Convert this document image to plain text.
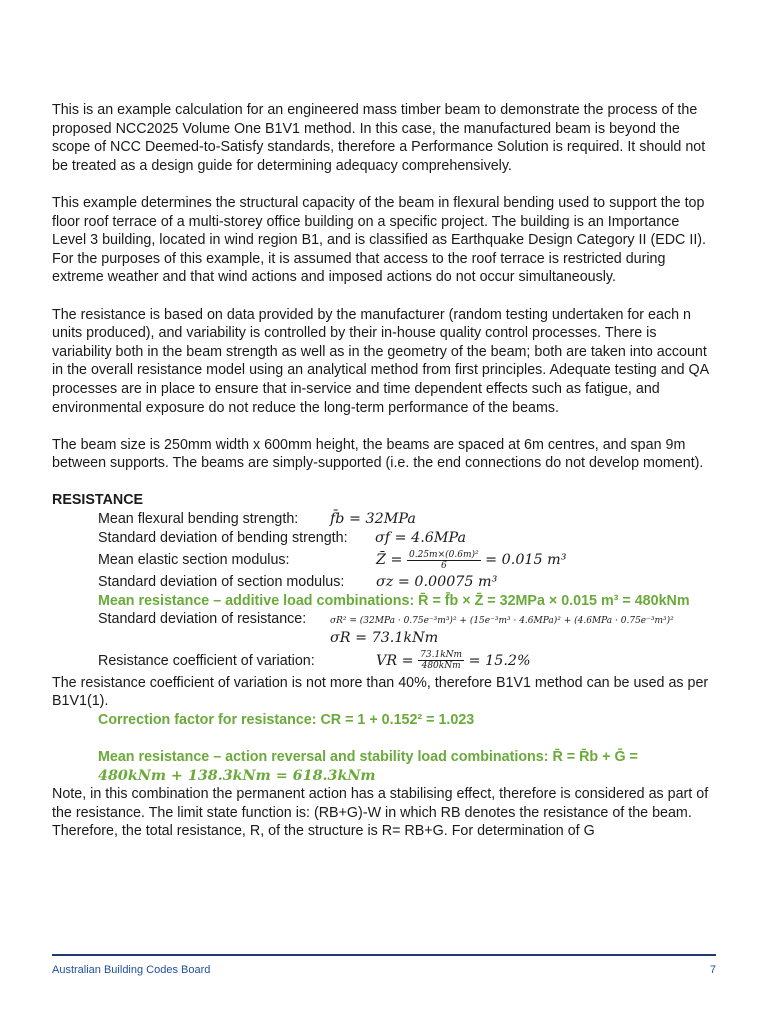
This is an example calculation for an engineered mass timber beam to demonstrate the process of the proposed NCC2025 Volume One B1V1 method. In this case, the manufactured beam is beyond the scope of NCC Deemed-to-Satisfy standards, therefore a Performance Solution is required. It should not be treated as a design guide for determining adequacy comprehensively.

This example determines the structural capacity of the beam in flexural bending used to support the top floor roof terrace of a multi-storey office building on a specific project. The building is an Importance Level 3 building, located in wind region B1, and is classified as Earthquake Design Category II (EDC II). For the purposes of this example, it is assumed that access to the roof terrace is restricted during extreme weather and that wind actions and imposed actions do not occur simultaneously.

The resistance is based on data provided by the manufacturer (random testing undertaken for each n units produced), and variability is controlled by their in-house quality control processes. There is variability both in the beam strength as well as in the geometry of the beam; both are taken into account in the overall resistance model using an analytical method from first principles. Adequate testing and QA processes are in place to ensure that in-service and time dependent effects such as fatigue, and environmental exposure do not reduce the long-term performance of the beams.

The beam size is 250mm width x 600mm height, the beams are spaced at 6m centres, and span 9m between supports. The beams are simply-supported (i.e. the end connections do not develop moment).

RESISTANCE

Mean flexural bending strength: f̄b = 32MPa
Standard deviation of bending strength: σf = 4.6MPa
Mean elastic section modulus:	Z̄ = $\frac{\text{0.25m×(0.6m)²}}{6} = 0.015$ m³
Standard deviation of section modulus: σz = 0.00075 m³
Mean resistance – additive load combinations: R̄ = f̄b × Z̄ = 32MPa × 0.015 m³ = 480kNm
Standard deviation of resistance:	σR² = (32MPa · 0.75e⁻³m³)² + (15e⁻³m³ · 4.6MPa)² + (4.6MPa · 0.75e⁻³m³)²
σR = 73.1kNm
Resistance coefficient of variation:	VR = $\frac{\text{73.1kNm}}{\text{480kNm}} = 15.2\%$

The resistance coefficient of variation is not more than 40%, therefore B1V1 method can be used as per B1V1(1).

Correction factor for resistance: CR = 1 + 0.152² = 1.023
Mean resistance – action reversal and stability load combinations: R̄ = R̄b + Ḡ =
480kNm + 138.3kNm = 618.3kNm

Note, in this combination the permanent action has a stabilising effect, therefore is considered as part of the resistance. The limit state function is: (RB+G)-W in which RB denotes the resistance of the beam. Therefore, the total resistance, R, of the structure is R= RB+G. For determination of G

Australian Building Codes Board	7
